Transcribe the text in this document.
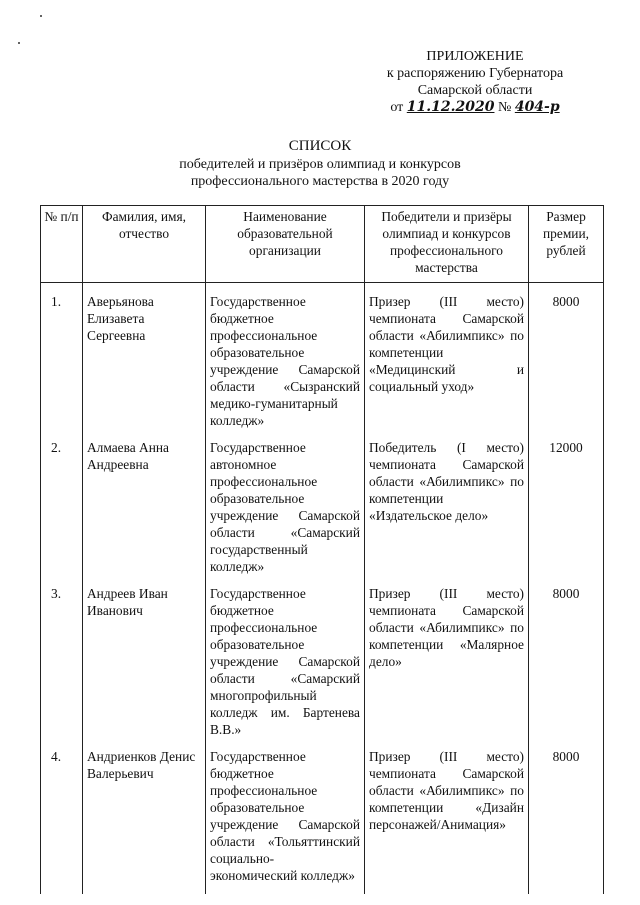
ПРИЛОЖЕНИЕ
к распоряжению Губернатора
Самарской области
от 11.12.2020 № 404-р
СПИСОК
победителей и призёров олимпиад и конкурсов
профессионального мастерства в 2020 году
№ п/п	Фамилия, имя, отчество	Наименование образовательной организации	Победители и призёры олимпиад и конкурсов профессионального мастерства	Размер премии, рублей
1.	Аверьянова Елизавета Сергеевна	Государственное бюджетное профессиональное образовательное учреждение Самарской области «Сызранский медико-гуманитарный колледж»	Призер (III место) чемпионата Самарской области «Абилимпикс» по компетенции «Медицинский и социальный уход»	8000
2.	Алмаева Анна Андреевна	Государственное автономное профессиональное образовательное учреждение Самарской области «Самарский государственный колледж»	Победитель (I место) чемпионата Самарской области «Абилимпикс» по компетенции «Издательское дело»	12000
3.	Андреев Иван Иванович	Государственное бюджетное профессиональное образовательное учреждение Самарской области «Самарский многопрофильный колледж им. Бартенева В.В.»	Призер (III место) чемпионата Самарской области «Абилимпикс» по компетенции «Малярное дело»	8000
4.	Андриенков Денис Валерьевич	Государственное бюджетное профессиональное образовательное учреждение Самарской области «Тольяттинский социально-экономический колледж»	Призер (III место) чемпионата Самарской области «Абилимпикс» по компетенции «Дизайн персонажей/Анимация»	8000
